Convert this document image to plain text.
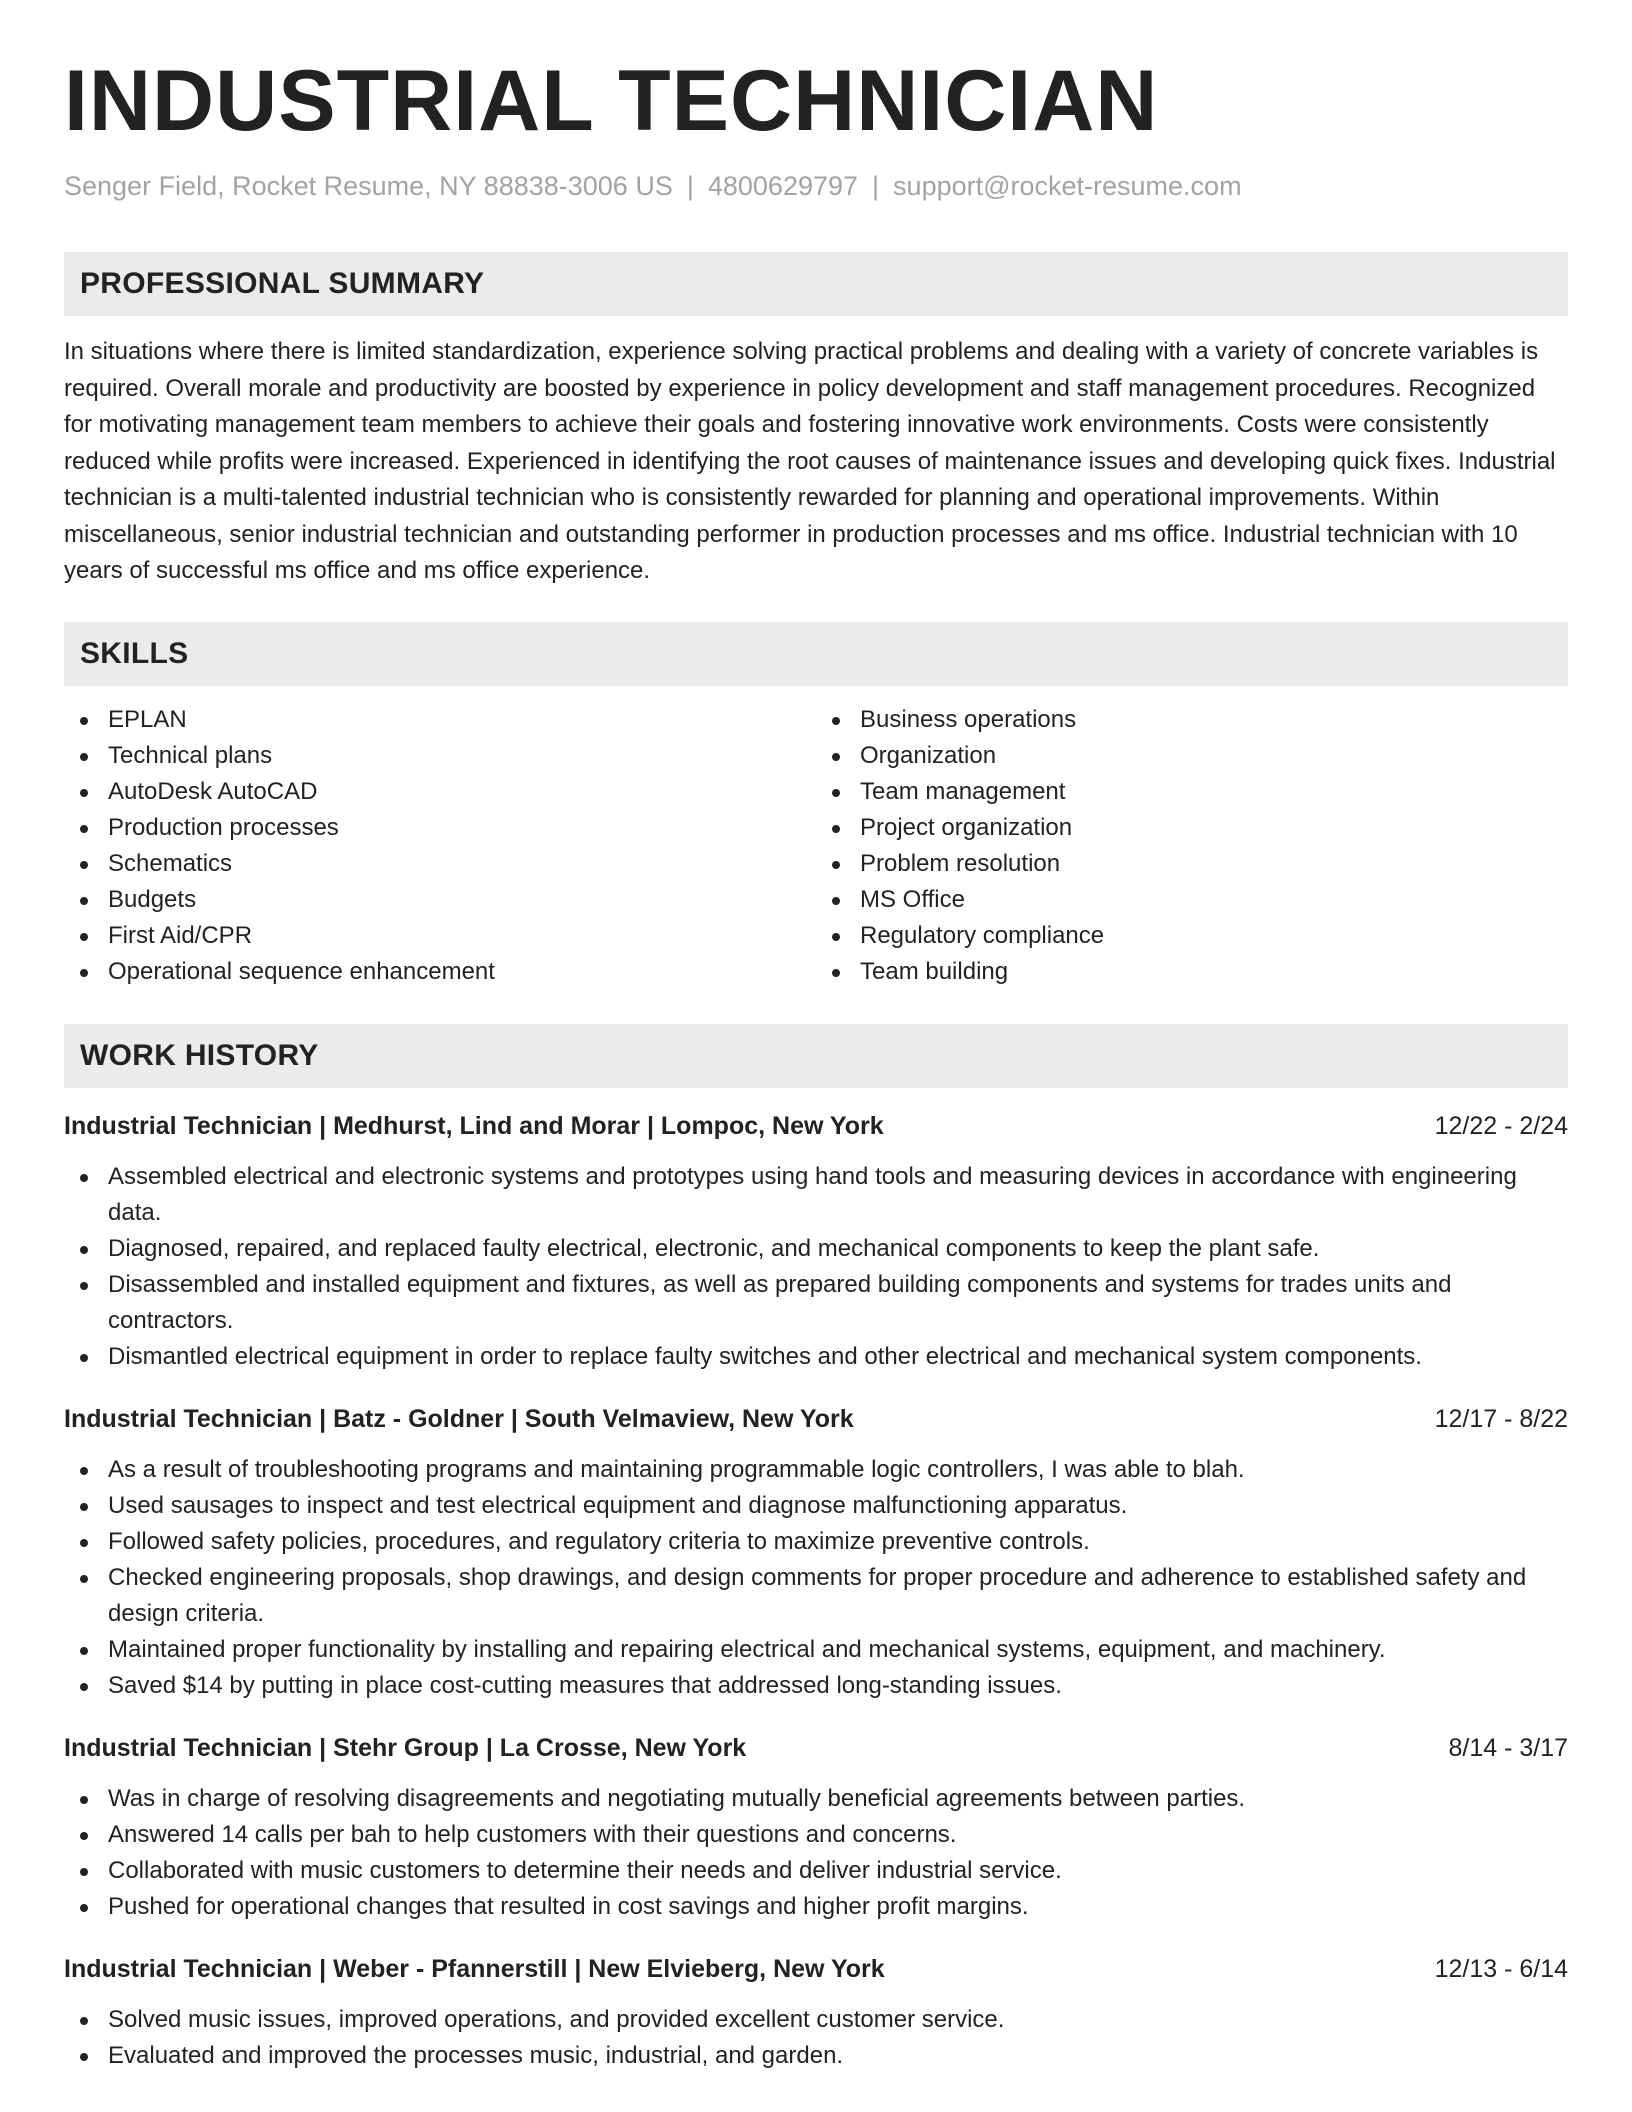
INDUSTRIAL TECHNICIAN
Senger Field, Rocket Resume, NY 88838-3006 US | 4800629797 | support@rocket-resume.com
PROFESSIONAL SUMMARY

In situations where there is limited standardization, experience solving practical problems and dealing with a variety of concrete variables is required. Overall morale and productivity are boosted by experience in policy development and staff management procedures. Recognized for motivating management team members to achieve their goals and fostering innovative work environments. Costs were consistently reduced while profits were increased. Experienced in identifying the root causes of maintenance issues and developing quick fixes. Industrial technician is a multi-talented industrial technician who is consistently rewarded for planning and operational improvements. Within miscellaneous, senior industrial technician and outstanding performer in production processes and ms office. Industrial technician with 10 years of successful ms office and ms office experience.

SKILLS
EPLAN
Technical plans
AutoDesk AutoCAD
Production processes
Schematics
Budgets
First Aid/CPR
Operational sequence enhancement
Business operations
Organization
Team management
Project organization
Problem resolution
MS Office
Regulatory compliance
Team building
WORK HISTORY
Industrial Technician | Medhurst, Lind and Morar | Lompoc, New York	12/22 - 2/24
Assembled electrical and electronic systems and prototypes using hand tools and measuring devices in accordance with engineering data.
Diagnosed, repaired, and replaced faulty electrical, electronic, and mechanical components to keep the plant safe.
Disassembled and installed equipment and fixtures, as well as prepared building components and systems for trades units and contractors.
Dismantled electrical equipment in order to replace faulty switches and other electrical and mechanical system components.
Industrial Technician | Batz - Goldner | South Velmaview, New York	12/17 - 8/22
As a result of troubleshooting programs and maintaining programmable logic controllers, I was able to blah.
Used sausages to inspect and test electrical equipment and diagnose malfunctioning apparatus.
Followed safety policies, procedures, and regulatory criteria to maximize preventive controls.
Checked engineering proposals, shop drawings, and design comments for proper procedure and adherence to established safety and design criteria.
Maintained proper functionality by installing and repairing electrical and mechanical systems, equipment, and machinery.
Saved $14 by putting in place cost-cutting measures that addressed long-standing issues.
Industrial Technician | Stehr Group | La Crosse, New York	8/14 - 3/17
Was in charge of resolving disagreements and negotiating mutually beneficial agreements between parties.
Answered 14 calls per bah to help customers with their questions and concerns.
Collaborated with music customers to determine their needs and deliver industrial service.
Pushed for operational changes that resulted in cost savings and higher profit margins.
Industrial Technician | Weber - Pfannerstill | New Elvieberg, New York	12/13 - 6/14
Solved music issues, improved operations, and provided excellent customer service.
Evaluated and improved the processes music, industrial, and garden.
